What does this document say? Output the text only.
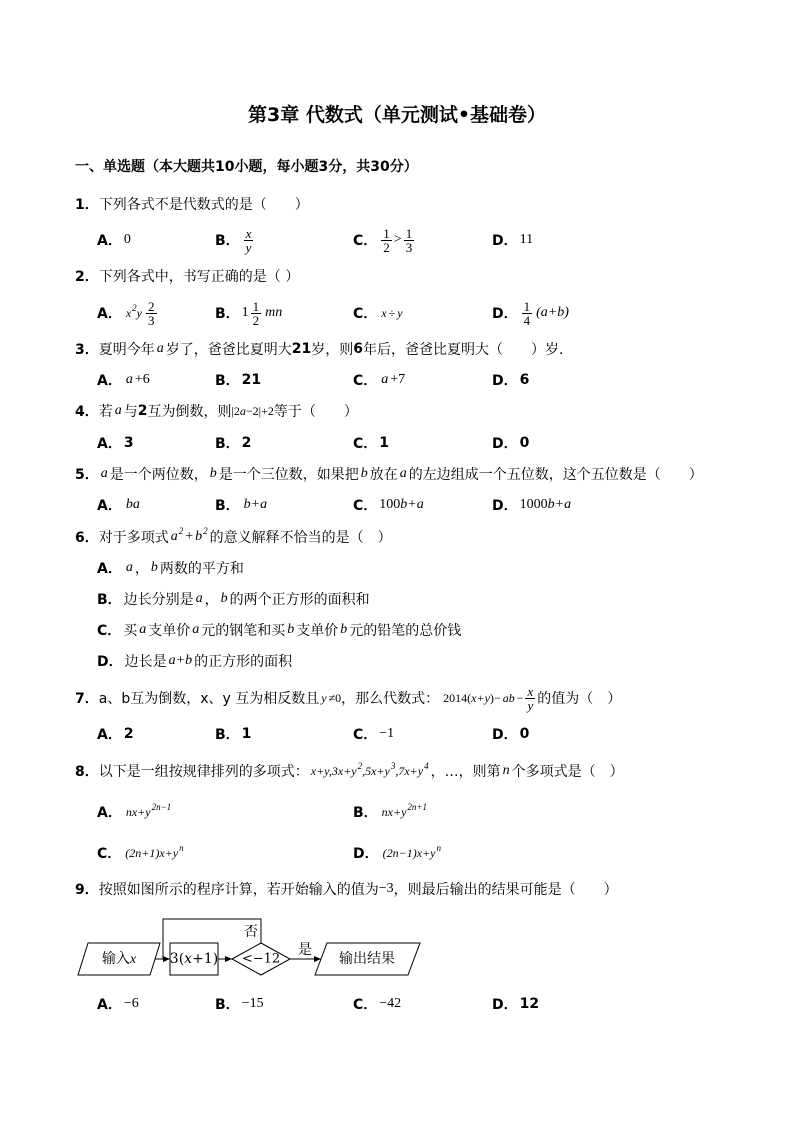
第3章 代数式（单元测试•基础卷）
一、单选题（本大题共10小题，每小题3分，共30分）
1． 下列各式不是代数式的是（　　）
A． 0	B． $\frac{x}{y}$	C． $\frac{1}{2} > \frac{1}{3}$	D． 11
2． 下列各式中，书写正确的是（ ）
A． $x^2y \frac{2}{3}$	B． $1 \frac{1}{2}$ mn	C． x ÷ y	D． $\frac{1}{4} (a+b)$
3． 夏明今年 a 岁了，爸爸比夏明大 21 岁，则 6 年后，爸爸比夏明大（　　）岁．
A． a +6	B． 21	C． a +7	D． 6
4． 若 a 与 2 互为倒数，则 |2 a −2|+2 等于（　　）
A． 3	B． 2	C． 1	D． 0
5． a 是一个两位数， b 是一个三位数，如果把 b 放在 a 的左边组成一个五位数，这个五位数是（　　）
A． ba	B． b+a	C． 100 b+a	D． 1000 b+a
6． 对于多项式 $a^2 + b^2$ 的意义解释不恰当的是（　）
A． a ， b 两数的平方和
B． 边长分别是 a ， b 的两个正方形的面积和
C． 买 a 支单价 a 元的钢笔和买 b 支单价 b 元的铅笔的总价钱
D． 边长是 a+b 的正方形的面积
7． a、b互为倒数，x、y 互为相反数且 y ≠0 ，那么代数式： 2014( x+y )− ab − $\frac{x}{y}$ 的值为（　）
A． 2	B． 1	C． −1	D． 0
8． 以下是一组按规律排列的多项式： $x+y,3x+y^2,5x+y^3,7x+y^4$ ，…，则第 n 个多项式是（　）
A． $nx+y^{2n-1}$	B． $nx+y^{2n+1}$
C． $(2n+1)x+y^n$	D． $(2n-1)x+y^n$
9． 按照如图所示的程序计算，若开始输入的值为 −3 ，则最后输出的结果可能是（　　）
输入x 3(x+1) <−12
否
是
输出结果
A． −6	B． −15	C． −42	D． 12
